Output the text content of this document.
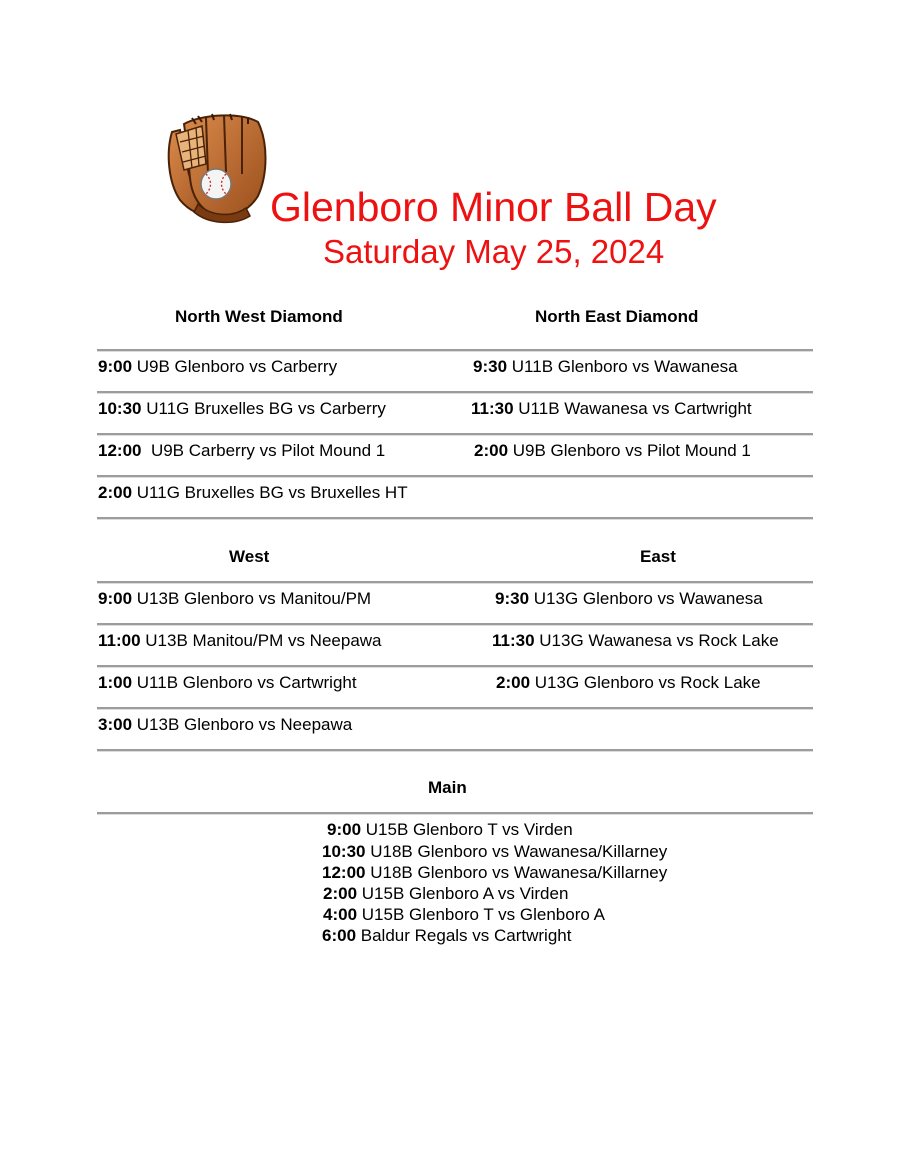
Glenboro Minor Ball Day
Saturday May 25, 2024
North West Diamond	North East Diamond
9:00 U9B Glenboro vs Carberry
10:30 U11G Bruxelles BG vs Carberry
12:00  U9B Carberry vs Pilot Mound 1
2:00 U11G Bruxelles BG vs Bruxelles HT
9:30 U11B Glenboro vs Wawanesa
11:30 U11B Wawanesa vs Cartwright
2:00 U9B Glenboro vs Pilot Mound 1
West	East
9:00 U13B Glenboro vs Manitou/PM
11:00 U13B Manitou/PM vs Neepawa
1:00 U11B Glenboro vs Cartwright
3:00 U13B Glenboro vs Neepawa
9:30 U13G Glenboro vs Wawanesa
11:30 U13G Wawanesa vs Rock Lake
2:00 U13G Glenboro vs Rock Lake
Main
9:00 U15B Glenboro T vs Virden
10:30 U18B Glenboro vs Wawanesa/Killarney
12:00 U18B Glenboro vs Wawanesa/Killarney
2:00 U15B Glenboro A vs Virden
4:00 U15B Glenboro T vs Glenboro A
6:00 Baldur Regals vs Cartwright
